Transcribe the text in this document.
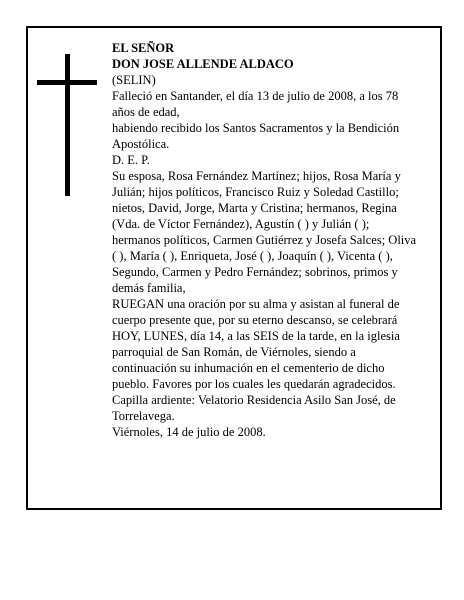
EL SEÑOR

DON JOSE ALLENDE ALDACO

(SELIN)

Falleció en Santander, el día 13 de julio de 2008, a los 78 años de edad,

habiendo recibido los Santos Sacramentos y la Bendición Apostólica.

D. E. P.

Su esposa, Rosa Fernández Martínez; hijos, Rosa María y Julián; hijos políticos, Francisco Ruiz y Soledad Castillo; nietos, David, Jorge, Marta y Cristina; hermanos, Regina (Vda. de Víctor Fernández), Agustín ( ) y Julián ( ); hermanos políticos, Carmen Gutiérrez y Josefa Salces; Oliva ( ), María ( ), Enriqueta, José ( ), Joaquín ( ), Vicenta ( ), Segundo, Carmen y Pedro Fernández; sobrinos, primos y demás familia,

RUEGAN una oración por su alma y asistan al funeral de cuerpo presente que, por su eterno descanso, se celebrará HOY, LUNES, día 14, a las SEIS de la tarde, en la iglesia parroquial de San Román, de Viérnoles, siendo a continuación su inhumación en el cementerio de dicho pueblo. Favores por los cuales les quedarán agradecidos. Capilla ardiente: Velatorio Residencia Asilo San José, de Torrelavega.

Viérnoles, 14 de julio de 2008.
